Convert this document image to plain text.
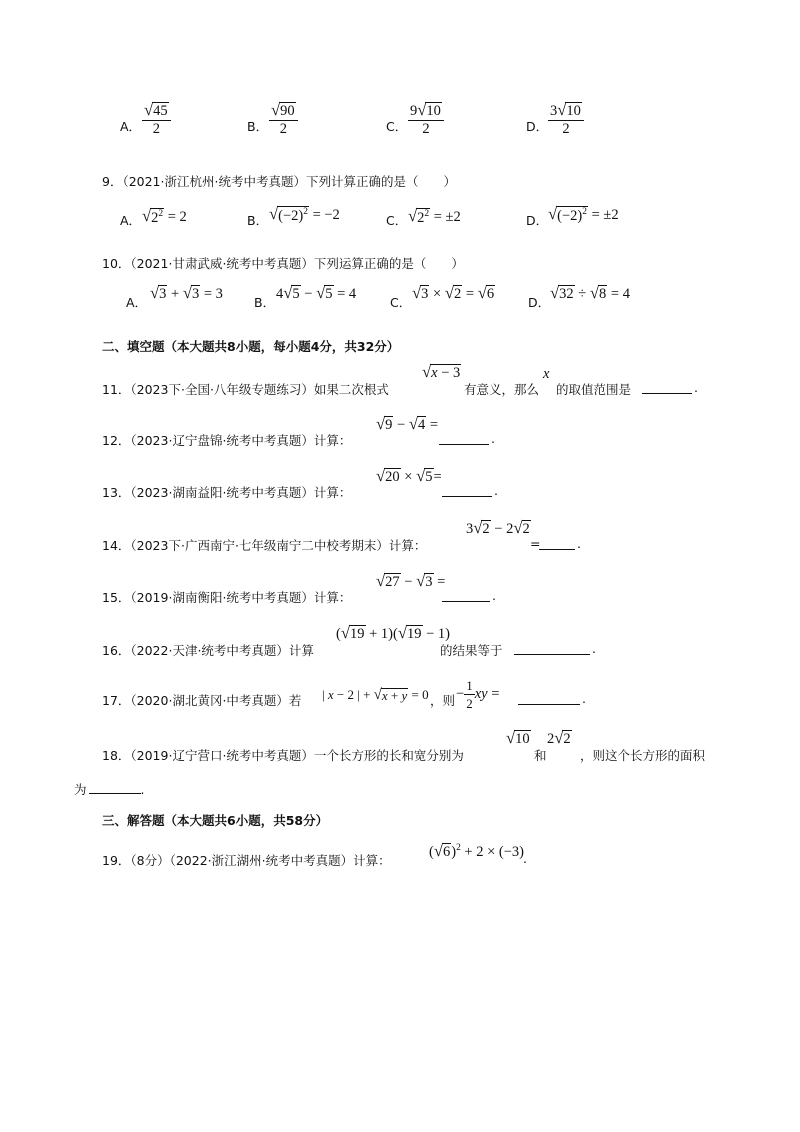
A． $\frac{√ 45}{2}$	B． $\frac{√ 90}{2}$	C． $\frac{9 √ 10}{2}$	D． $\frac{3 √ 10}{2}$
9．（2021·浙江杭州·统考中考真题）下列计算正确的是（　　）
A． √ $2^2 = 2$	B． √ $(-2)^2 = -2$	C． √ $2^2 = \pm 2$	D． √ $(-2)^2 = \pm 2$
10．（2021·甘肃武威·统考中考真题）下列运算正确的是（　　）
A．
√ 3 + √ 3 = 3
B．
4 √ 5 − √ 5 = 4
C．
√ 3 × √ 2 = √ 6
D．
√ 32 ÷ √ 8 = 4
二、填空题（本大题共8小题，每小题4分，共32分）
11．（2023下·全国·八年级专题练习）如果二次根式
√ x − 3
有意义，那么
x
的取值范围是	.
12．（2023·辽宁盘锦·统考中考真题）计算：
√ 9 − √ 4 =
.
13．（2023·湖南益阳·统考中考真题）计算：
√ 20 × √ 5 =
.
14．（2023下·广西南宁·七年级南宁二中校考期末）计算：
3 √ 2 − 2 √ 2
=	.
15．（2019·湖南衡阳·统考中考真题）计算：
√ 27 − √ 3 =
.
16．（2022·天津·统考中考真题）计算
( √ 19 + 1)( √ 19 − 1)
的结果等于	.
17．（2020·湖北黄冈·中考真题）若 | x − 2 | + √ x + y = 0 ，则 − $\frac{1}{2}$ xy =	.
18．（2019·辽宁营口·统考中考真题）一个长方形的长和宽分别为
√ 10
和
2 √ 2
，则这个长方形的面积
为	.
三、解答题（本大题共6小题，共58分）
19．（8分）（2022·浙江湖州·统考中考真题）计算：
( √ 6 )$^2$ + 2 × (−3) .
